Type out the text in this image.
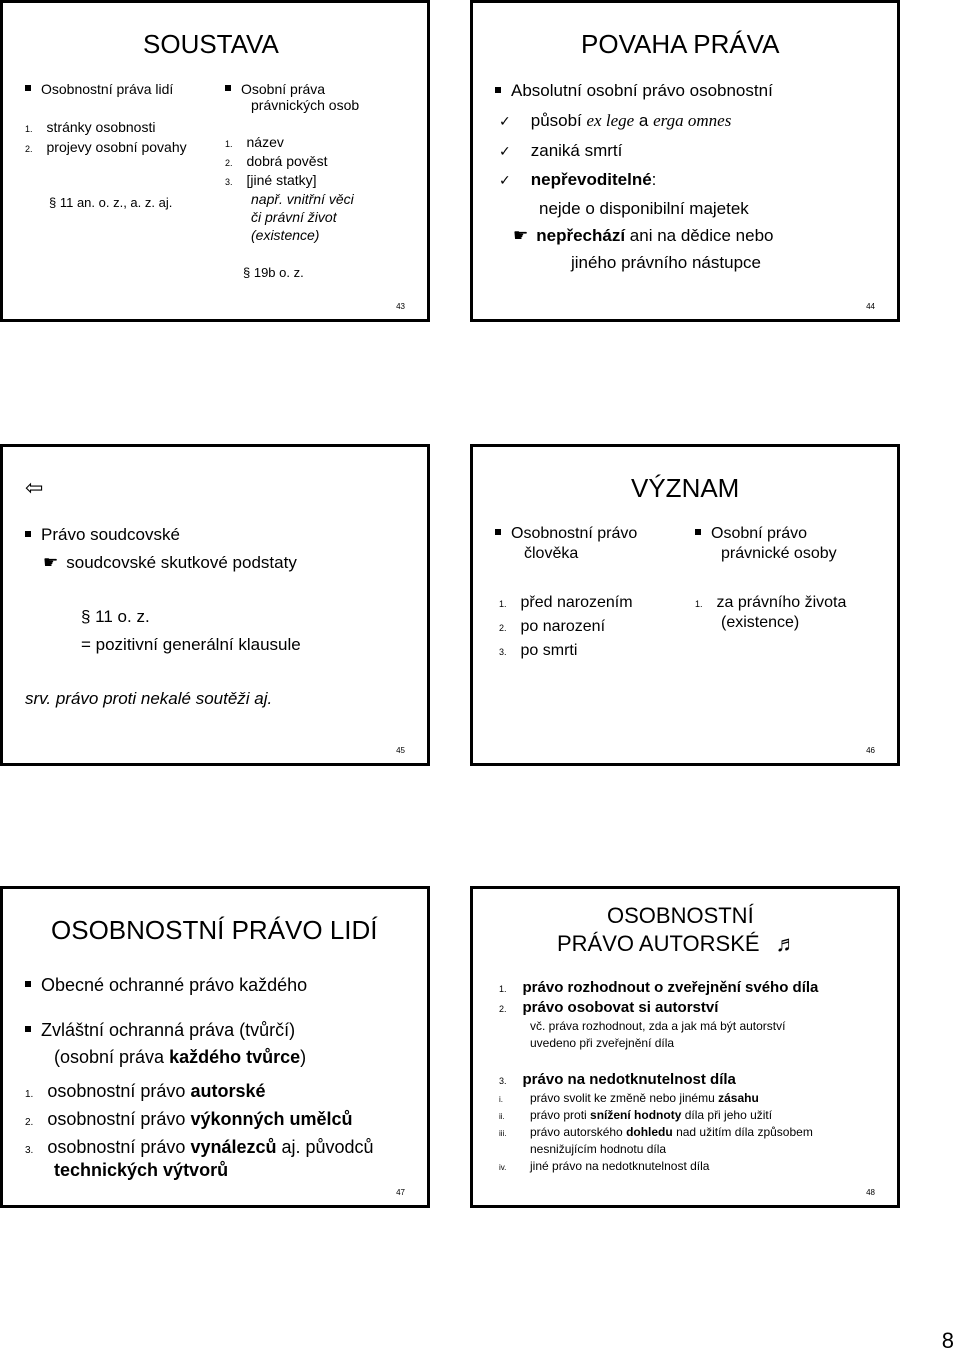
SOUSTAVA
Osobnostní práva lidí
1. stránky osobnosti
2. projevy osobní povahy
§ 11 an. o. z., a. z. aj.
Osobní práva
právnických osob
1. název
2. dobrá pověst
3. [jiné statky]
např. vnitřní věci
či právní život
(existence)
§ 19b o. z.
43
POVAHA PRÁVA
Absolutní osobní právo osobnostní
✓ působí ex lege a erga omnes
✓ zaniká smrtí
✓ nepřevoditelné:
nejde o disponibilní majetek
☛ nepřechází ani na dědice nebo
jiného právního nástupce
44
⇦
Právo soudcovské
☛ soudcovské skutkové podstaty
§ 11 o. z.
= pozitivní generální klausule
srv. právo proti nekalé soutěži aj.
45
VÝZNAM
Osobnostní právo
člověka
1. před narozením
2. po narození
3. po smrti
Osobní právo
právnické osoby
1. za právního života
(existence)
46
OSOBNOSTNÍ PRÁVO LIDÍ
Obecné ochranné právo každého
Zvláštní ochranná práva (tvůrčí)
(osobní práva každého tvůrce)
1. osobnostní právo autorské
2. osobnostní právo výkonných umělců
3. osobnostní právo vynálezců aj. původců
technických výtvorů
47
OSOBNOSTNÍ
PRÁVO AUTORSKÉ ♬
1. právo rozhodnout o zveřejnění svého díla
2. právo osobovat si autorství
vč. práva rozhodnout, zda a jak má být autorství
uvedeno při zveřejnění díla
3. právo na nedotknutelnost díla
i. právo svolit ke změně nebo jinému zásahu
ii. právo proti snížení hodnoty díla při jeho užití
iii. právo autorského dohledu nad užitím díla způsobem
nesnižujícím hodnotu díla
iv. jiné právo na nedotknutelnost díla
48
8
